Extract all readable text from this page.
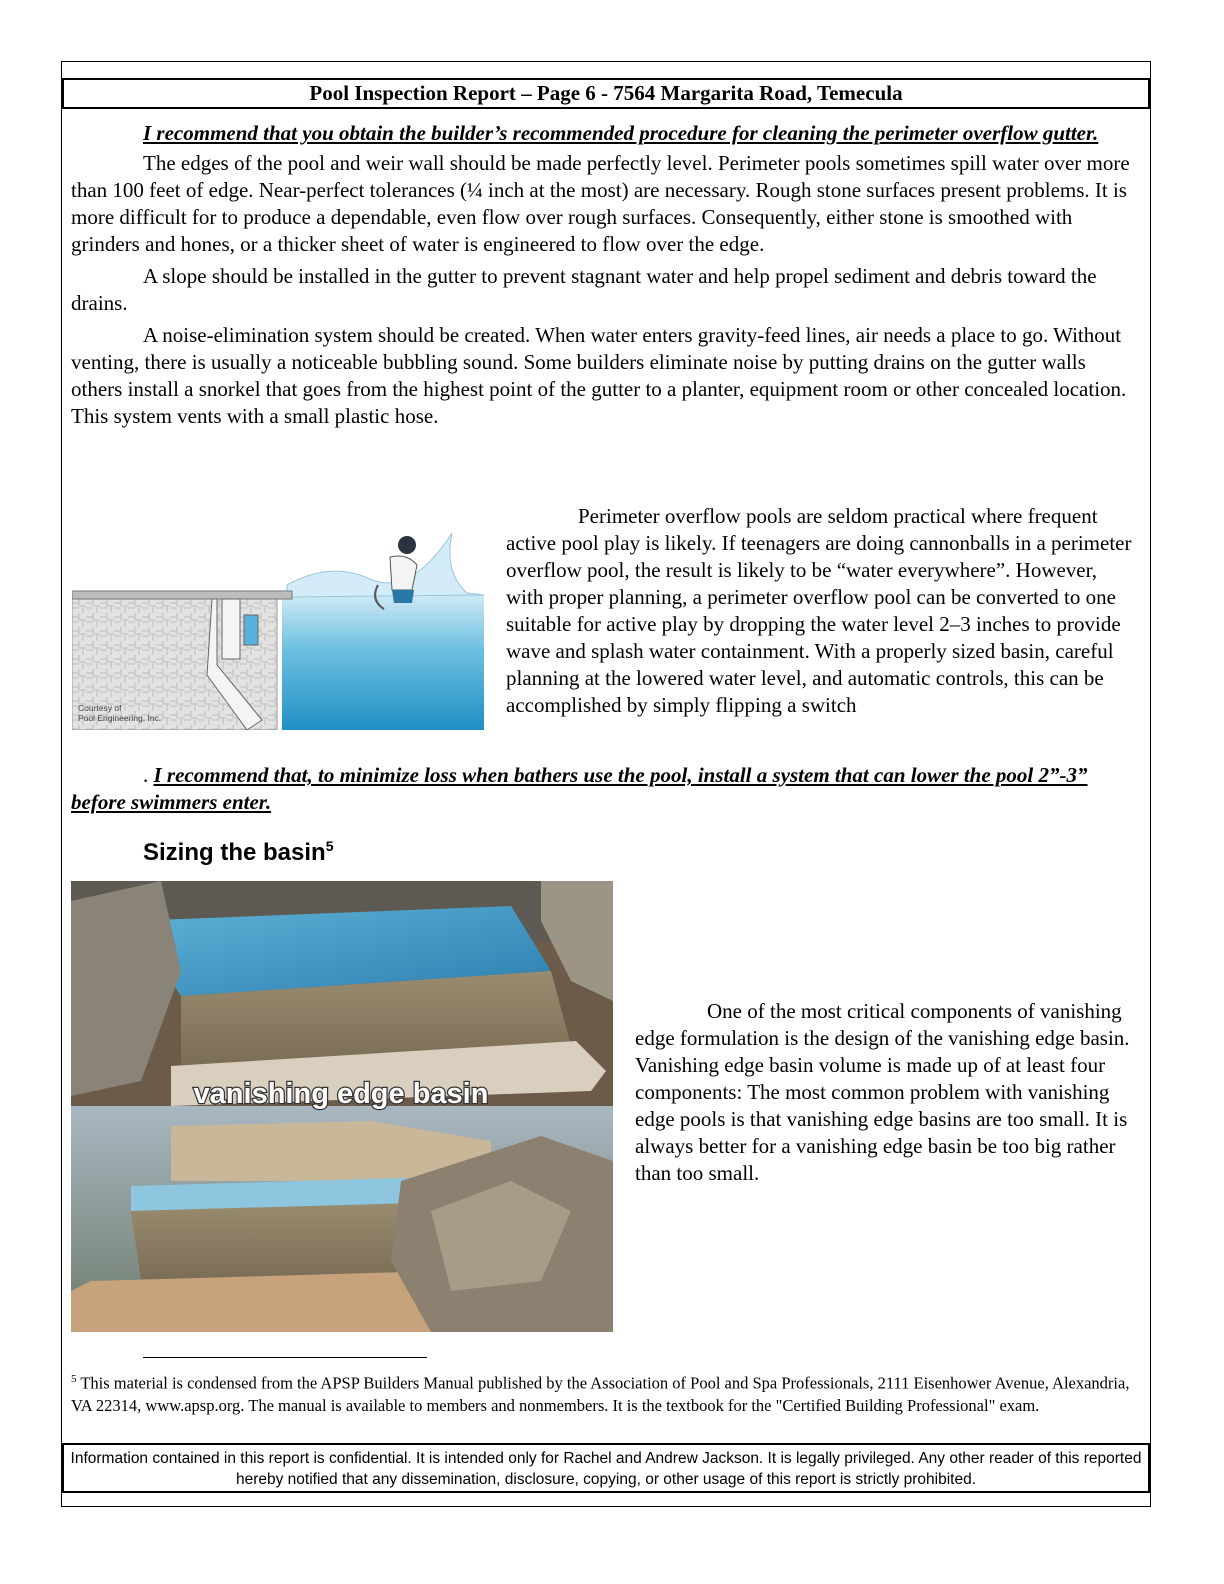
Pool Inspection Report – Page 6 - 7564 Margarita Road, Temecula

I recommend that you obtain the builder’s recommended procedure for cleaning the perimeter overflow gutter.

The edges of the pool and weir wall should be made perfectly level. Perimeter pools sometimes spill water over more than 100 feet of edge. Near-perfect tolerances (¼ inch at the most) are necessary. Rough stone surfaces present problems. It is more difficult for to produce a dependable, even flow over rough surfaces. Consequently, either stone is smoothed with grinders and hones, or a thicker sheet of water is engineered to flow over the edge.

A slope should be installed in the gutter to prevent stagnant water and help propel sediment and debris toward the drains.

A noise-elimination system should be created. When water enters gravity-feed lines, air needs a place to go. Without venting, there is usually a noticeable bubbling sound. Some builders eliminate noise by putting drains on the gutter walls others install a snorkel that goes from the highest point of the gutter to a planter, equipment room or other concealed location. This system vents with a small plastic hose.

Courtesy of
Pool Engineering, Inc.

Perimeter overflow pools are seldom practical where frequent active pool play is likely. If teenagers are doing cannonballs in a perimeter overflow pool, the result is likely to be “water everywhere”. However, with proper planning, a perimeter overflow pool can be converted to one suitable for active play by dropping the water level 2–3 inches to provide wave and splash water containment. With a properly sized basin, careful planning at the lowered water level, and automatic controls, this can be accomplished by simply flipping a switch

. I recommend that, to minimize loss when bathers use the pool, install a system that can lower the pool 2”-3” before swimmers enter.

Sizing the basin$^5$
vanishing edge basin

One of the most critical components of vanishing edge formulation is the design of the vanishing edge basin. Vanishing edge basin volume is made up of at least four components: The most common problem with vanishing edge pools is that vanishing edge basins are too small. It is always better for a vanishing edge basin be too big rather than too small.

$^5$ This material is condensed from the APSP Builders Manual published by the Association of Pool and Spa Professionals, 2111 Eisenhower Avenue, Alexandria, VA 22314, www.apsp.org. The manual is available to members and nonmembers. It is the textbook for the "Certified Building Professional" exam.
Information contained in this report is confidential. It is intended only for Rachel and Andrew Jackson. It is legally privileged. Any other reader of this reported hereby notified that any dissemination, disclosure, copying, or other usage of this report is strictly prohibited.
